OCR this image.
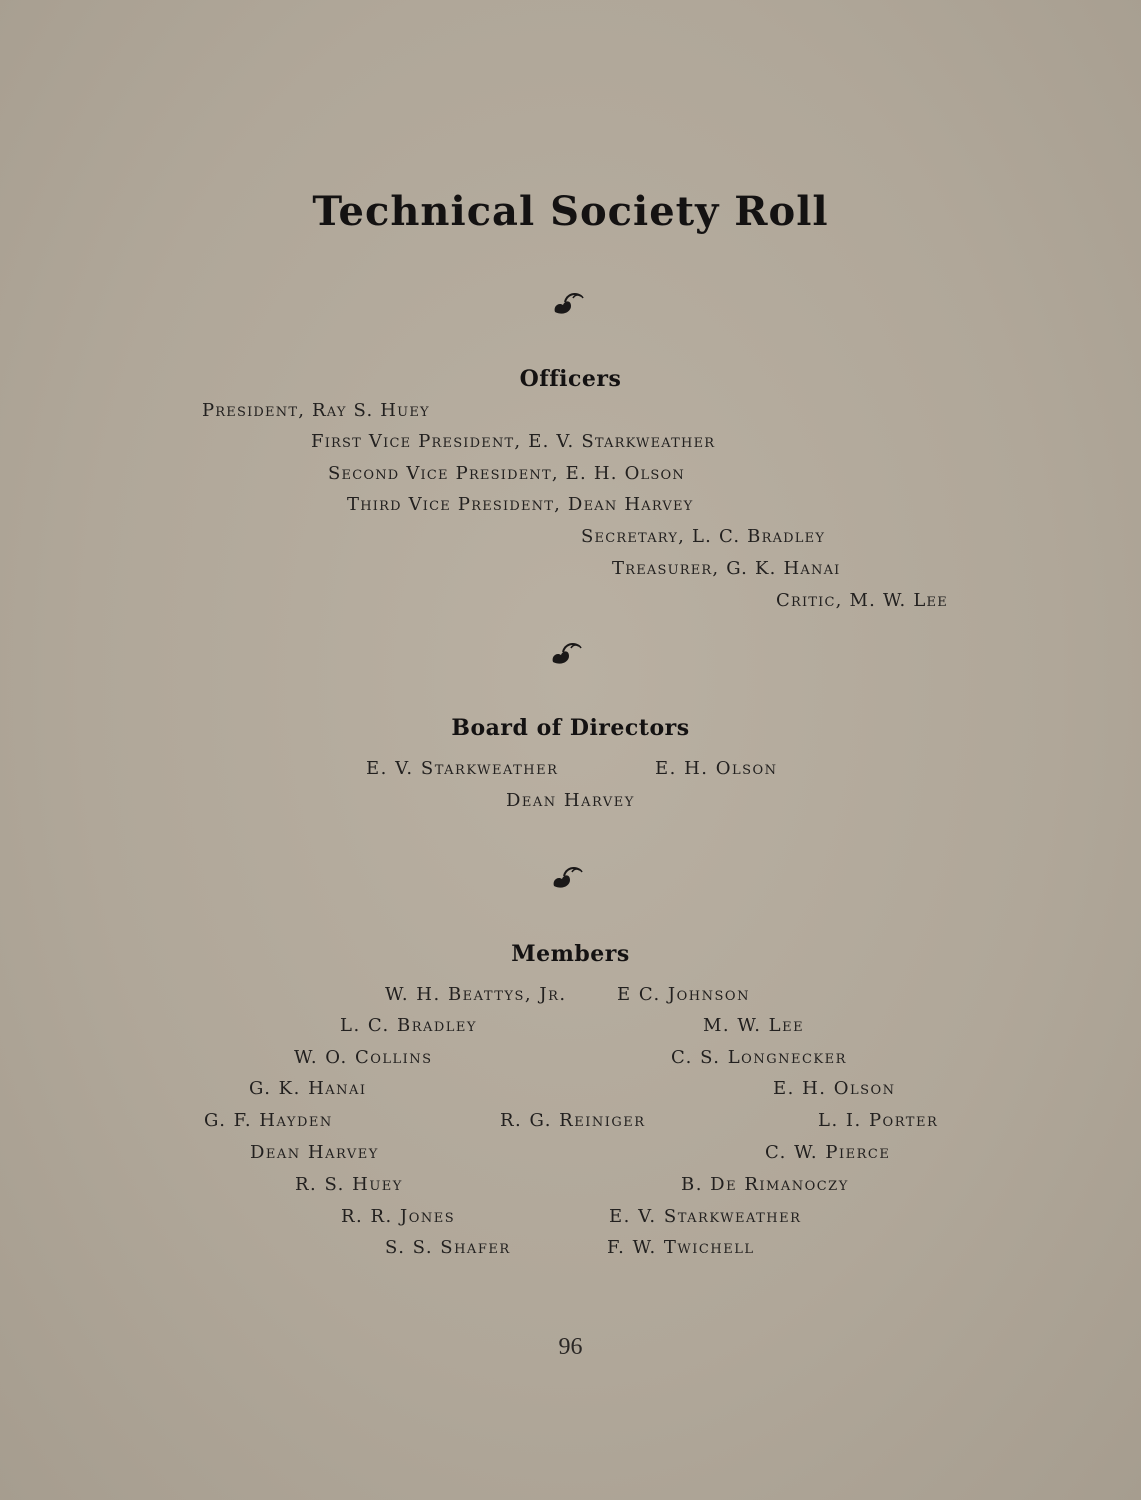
Technical Society Roll
Officers
President, Ray S. Huey
First Vice President, E. V. Starkweather
Second Vice President, E. H. Olson
Third Vice President, Dean Harvey
Secretary, L. C. Bradley
Treasurer, G. K. Hanai
Critic, M. W. Lee
Board of Directors
E. V. Starkweather	E. H. Olson
Dean Harvey
Members
W. H. Beattys, Jr.	E C. Johnson
L. C. Bradley	M. W. Lee
W. O. Collins	C. S. Longnecker
G. K. Hanai	E. H. Olson
G. F. Hayden	R. G. Reiniger	L. I. Porter
Dean Harvey	C. W. Pierce
R. S. Huey	B. De Rimanoczy
R. R. Jones	E. V. Starkweather
S. S. Shafer	F. W. Twichell
96
